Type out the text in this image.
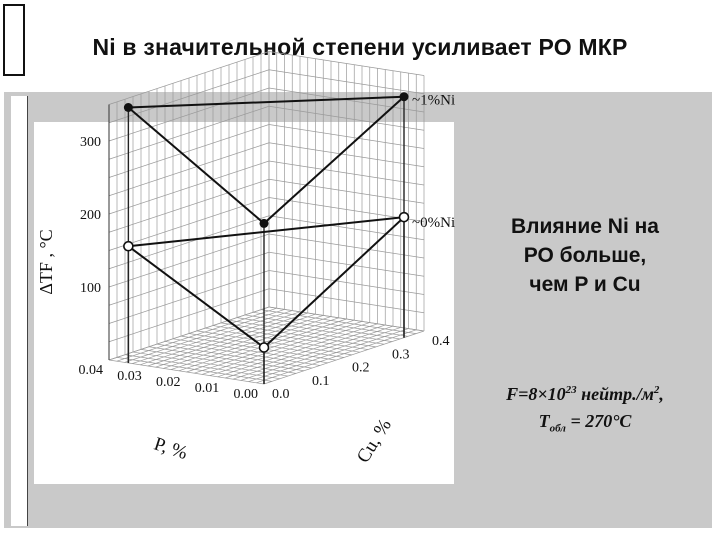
Ni в значительной степени усиливает РО МКР
100
200
300
ΔTF , °C
0.04 0.03 0.02 0.01 0.00
P, %
0.0
0.1
0.2
0.3
0.4
Cu, %
~1%Ni
~0%Ni	Влияние Ni на
РО больше,
чем P и Cu
$F=8\times 10^{23}$ $нейтр./м^2$,
$T_{обл} = 270^\circ C$
